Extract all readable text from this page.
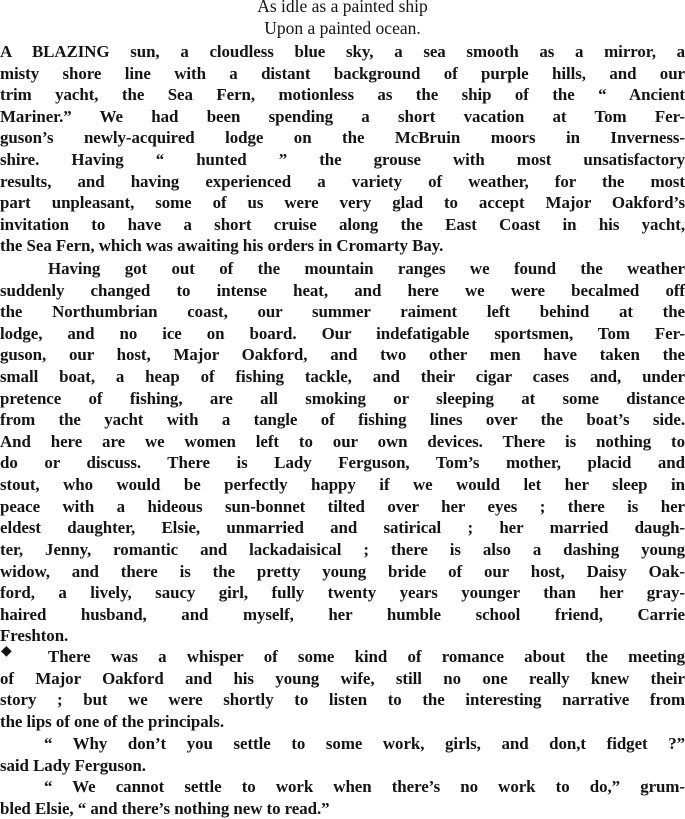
As idle as a painted ship
Upon a painted ocean.
A BLAZING sun, a cloudless blue sky, a sea smooth as a mirror, a
misty shore line with a distant background of purple hills, and our
trim yacht, the Sea Fern, motionless as the ship of the “ Ancient
Mariner.” We had been spending a short vacation at Tom Fer-
guson’s newly-acquired lodge on the McBruin moors in Inverness-
shire. Having “ hunted ” the grouse with most unsatisfactory
results, and having experienced a variety of weather, for the most
part unpleasant, some of us were very glad to accept Major Oakford’s
invitation to have a short cruise along the East Coast in his yacht,
the Sea Fern, which was awaiting his orders in Cromarty Bay.
Having got out of the mountain ranges we found the weather
suddenly changed to intense heat, and here we were becalmed off
the Northumbrian coast, our summer raiment left behind at the
lodge, and no ice on board. Our indefatigable sportsmen, Tom Fer-
guson, our host, Major Oakford, and two other men have taken the
small boat, a heap of fishing tackle, and their cigar cases and, under
pretence of fishing, are all smoking or sleeping at some distance
from the yacht with a tangle of fishing lines over the boat’s side.
And here are we women left to our own devices. There is nothing to
do or discuss. There is Lady Ferguson, Tom’s mother, placid and
stout, who would be perfectly happy if we would let her sleep in
peace with a hideous sun-bonnet tilted over her eyes ; there is her
eldest daughter, Elsie, unmarried and satirical ; her married daugh-
ter, Jenny, romantic and lackadaisical ; there is also a dashing young
widow, and there is the pretty young bride of our host, Daisy Oak-
ford, a lively, saucy girl, fully twenty years younger than her gray-
haired husband, and myself, her humble school friend, Carrie
Freshton.
◆	There was a whisper of some kind of romance about the meeting
of Major Oakford and his young wife, still no one really knew their
story ; but we were shortly to listen to the interesting narrative from
the lips of one of the principals.
“ Why don’t you settle to some work, girls, and don,t fidget ?”
said Lady Ferguson.
“ We cannot settle to work when there’s no work to do,” grum-
bled Elsie, “ and there’s nothing new to read.”
